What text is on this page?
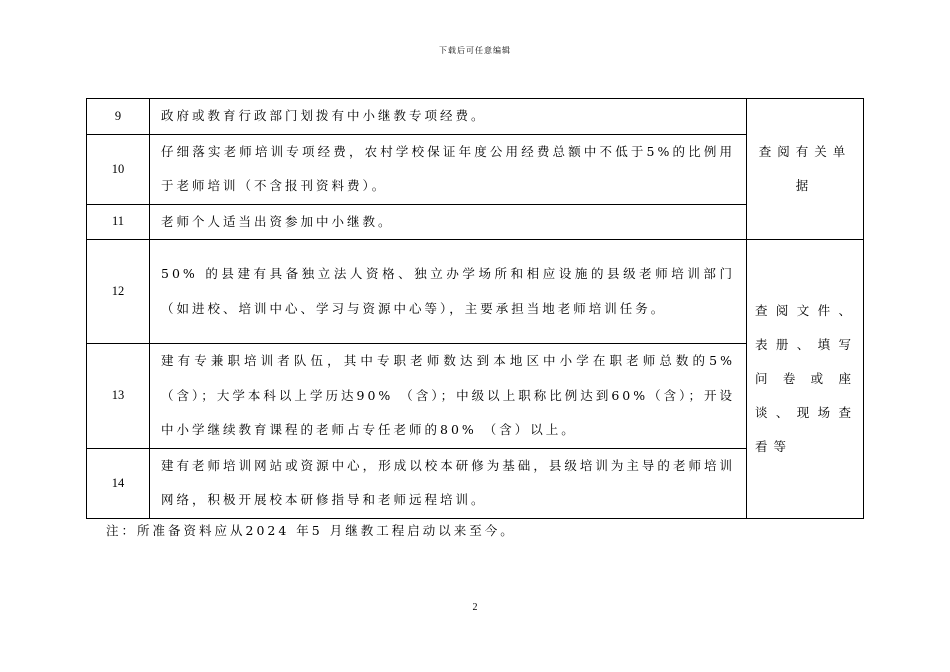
下载后可任意编辑
9	政府或教育行政部门划拨有中小继教专项经费。	查阅有关单据

10	仔细落实老师培训专项经费，农村学校保证年度公用经费总额中不低于5%的比例用于老师培训（不含报刊资料费）。	
11	老师个人适当出资参加中小继教。	
12	50% 的县建有具备独立法人资格、独立办学场所和相应设施的县级老师培训部门（如进校、培训中心、学习与资源中心等），主要承担当地老师培训任务。	查阅文件、表册、填写问卷或座谈、现场查看等

13	建有专兼职培训者队伍，其中专职老师数达到本地区中小学在职老师总数的5%（含）；大学本科以上学历达90% （含）；中级以上职称比例达到60%（含）；开设中小学继续教育课程的老师占专任老师的80% （含）以上。	
14	建有老师培训网站或资源中心，形成以校本研修为基础，县级培训为主导的老师培训网络，积极开展校本研修指导和老师远程培训。	
注：所准备资料应从2024 年5 月继教工程启动以来至今。
2
